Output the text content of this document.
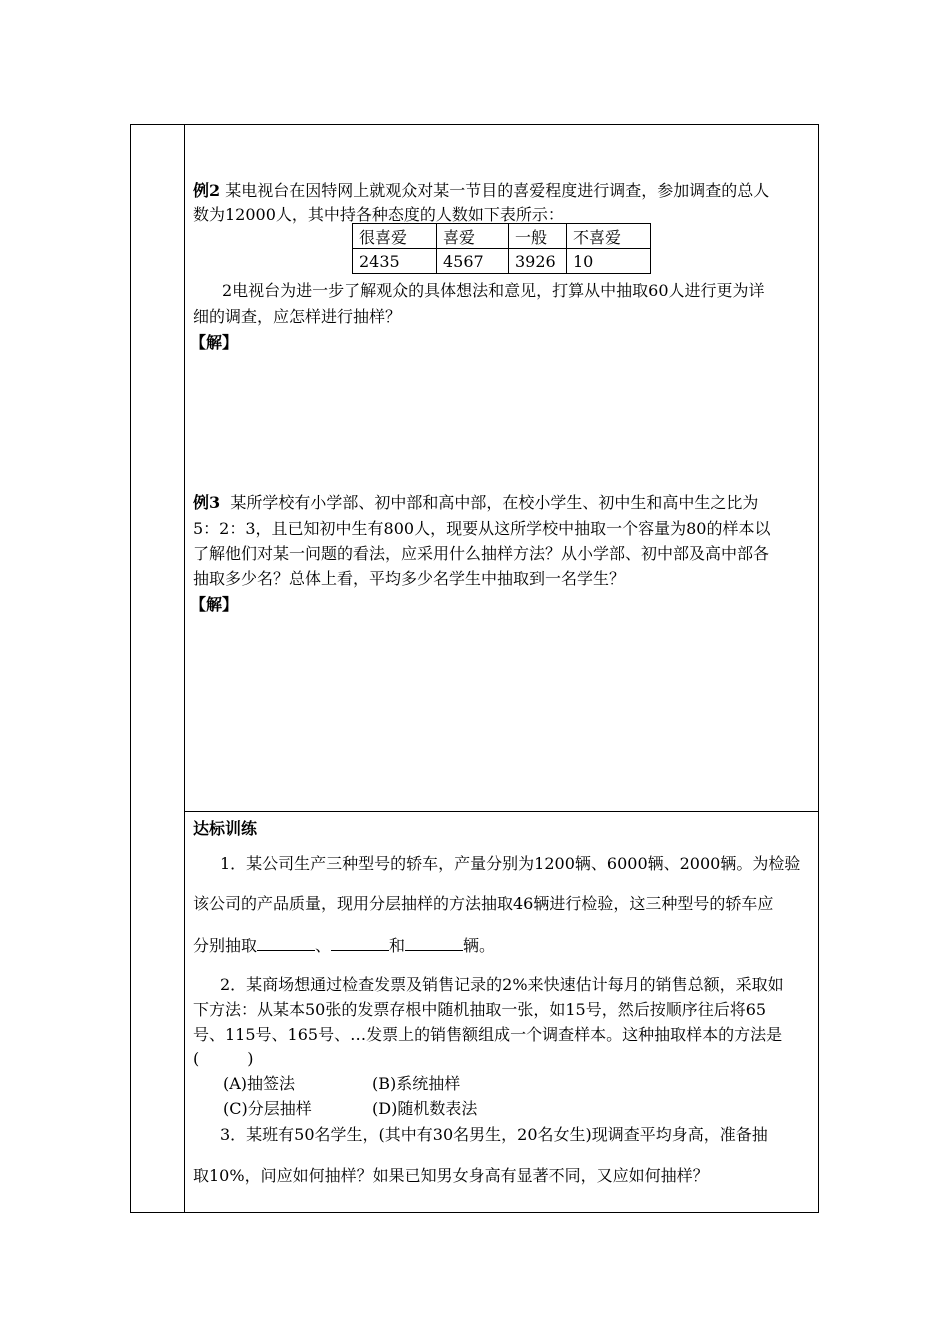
例2 某电视台在因特网上就观众对某一节目的喜爱程度进行调查，参加调查的总人
数为12000人，其中持各种态度的人数如下表所示：
很喜爱	喜爱	一般	不喜爱
2435	4567	3926	10
2电视台为进一步了解观众的具体想法和意见，打算从中抽取60人进行更为详
细的调查，应怎样进行抽样？
【解】
例3 某所学校有小学部、初中部和高中部，在校小学生、初中生和高中生之比为
5：2：3，且已知初中生有800人，现要从这所学校中抽取一个容量为80的样本以
了解他们对某一问题的看法，应采用什么抽样方法？从小学部、初中部及高中部各
抽取多少名？总体上看，平均多少名学生中抽取到一名学生？
【解】
达标训练
1．某公司生产三种型号的轿车，产量分别为1200辆、6000辆、2000辆。为检验
该公司的产品质量，现用分层抽样的方法抽取46辆进行检验，这三种型号的轿车应
分别抽取	、	和	辆。
2．某商场想通过检查发票及销售记录的2%来快速估计每月的销售总额，采取如
下方法：从某本50张的发票存根中随机抽取一张，如15号，然后按顺序往后将65
号、115号、165号、…发票上的销售额组成一个调查样本。这种抽取样本的方法是
(　　　)
(A)抽签法	(B)系统抽样
(C)分层抽样	(D)随机数表法
3．某班有50名学生，(其中有30名男生，20名女生)现调查平均身高，准备抽
取10%，问应如何抽样？如果已知男女身高有显著不同，又应如何抽样？
